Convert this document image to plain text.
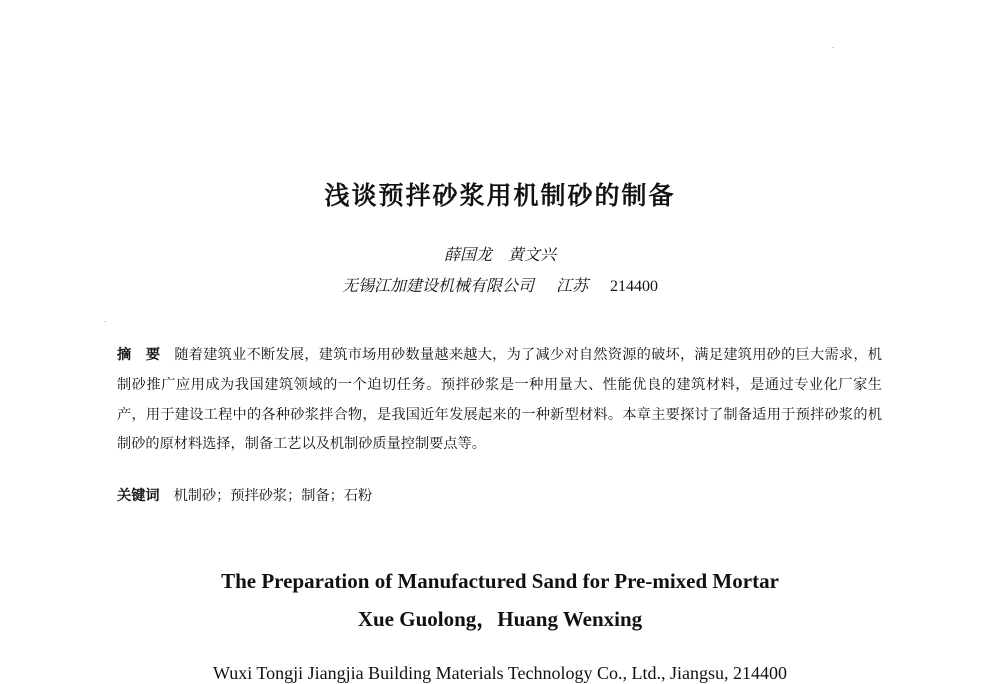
浅谈预拌砂浆用机制砂的制备
薛国龙　黄文兴
无锡江加建设机械有限公司 江苏 214400
摘　要 随着建筑业不断发展，建筑市场用砂数量越来越大，为了减少对自然资源的破坏，满足建筑用砂的巨大需求，机制砂推广应用成为我国建筑领域的一个迫切任务。预拌砂浆是一种用量大、性能优良的建筑材料，是通过专业化厂家生产，用于建设工程中的各种砂浆拌合物，是我国近年发展起来的一种新型材料。本章主要探讨了制备适用于预拌砂浆的机制砂的原材料选择，制备工艺以及机制砂质量控制要点等。
关键词 机制砂；预拌砂浆；制备；石粉
The Preparation of Manufactured Sand for Pre-mixed Mortar
Xue Guolong，Huang Wenxing
Wuxi Tongji Jiangjia Building Materials Technology Co., Ltd., Jiangsu, 214400
